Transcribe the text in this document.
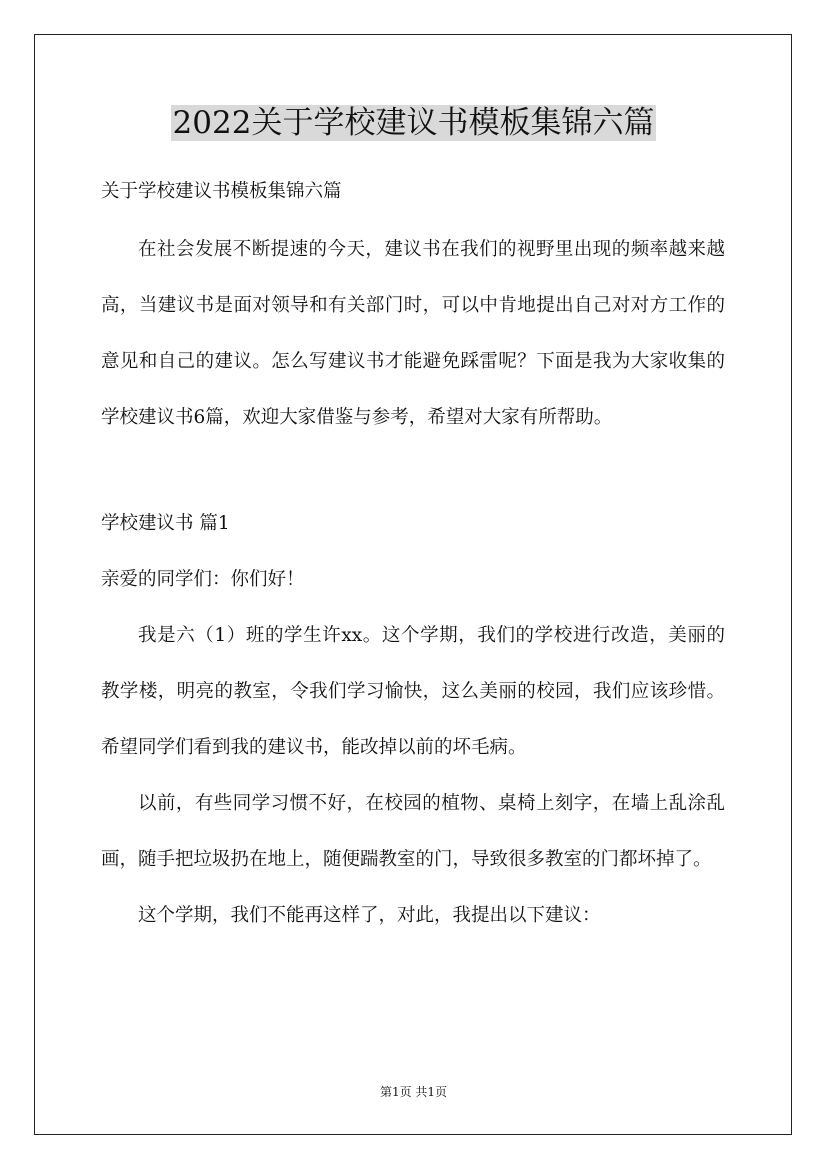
2022关于学校建议书模板集锦六篇

关于学校建议书模板集锦六篇

在社会发展不断提速的今天，建议书在我们的视野里出现的频率越来越高，当建议书是面对领导和有关部门时，可以中肯地提出自己对对方工作的意见和自己的建议。怎么写建议书才能避免踩雷呢？下面是我为大家收集的学校建议书6篇，欢迎大家借鉴与参考，希望对大家有所帮助。

学校建议书 篇1

亲爱的同学们：你们好！

我是六（1）班的学生许xx。这个学期，我们的学校进行改造，美丽的教学楼，明亮的教室，令我们学习愉快，这么美丽的校园，我们应该珍惜。希望同学们看到我的建议书，能改掉以前的坏毛病。

以前，有些同学习惯不好，在校园的植物、桌椅上刻字，在墙上乱涂乱画，随手把垃圾扔在地上，随便踹教室的门，导致很多教室的门都坏掉了。

这个学期，我们不能再这样了，对此，我提出以下建议：

第1页 共1页
